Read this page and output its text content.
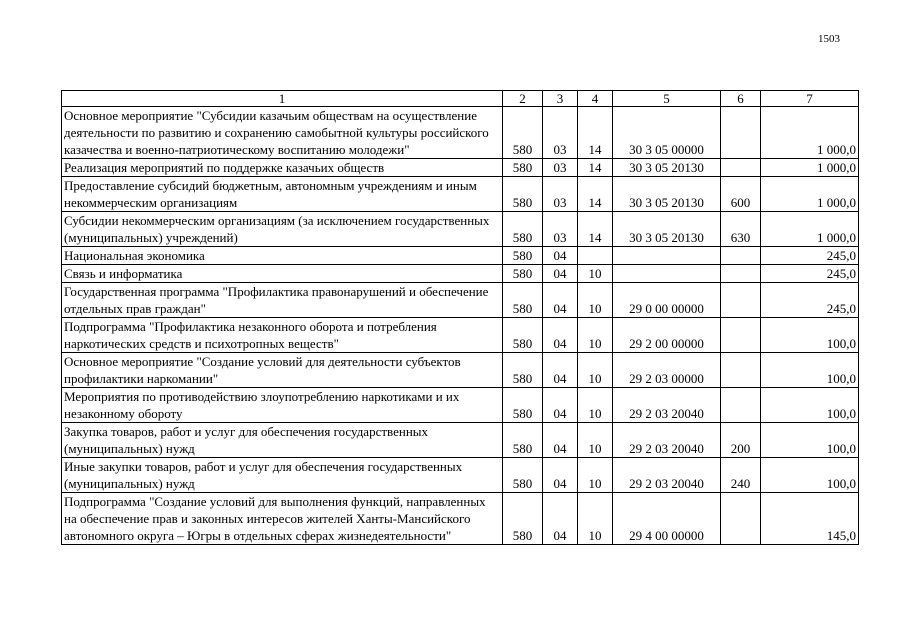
1503
1	2	3	4	5	6	7
Основное мероприятие "Субсидии казачьим обществам на осуществление деятельности по развитию и сохранению самобытной культуры российского казачества и военно-патриотическому воспитанию молодежи"	580	03	14	30 3 05 00000		1 000,0
Реализация мероприятий по поддержке казачьих обществ	580	03	14	30 3 05 20130		1 000,0
Предоставление субсидий бюджетным, автономным учреждениям и иным некоммерческим организациям	580	03	14	30 3 05 20130	600	1 000,0
Субсидии некоммерческим организациям (за исключением государственных (муниципальных) учреждений)	580	03	14	30 3 05 20130	630	1 000,0
Национальная экономика	580	04				245,0
Связь и информатика	580	04	10			245,0
Государственная программа "Профилактика правонарушений и обеспечение отдельных прав граждан"	580	04	10	29 0 00 00000		245,0
Подпрограмма "Профилактика незаконного оборота и потребления наркотических средств и психотропных веществ"	580	04	10	29 2 00 00000		100,0
Основное мероприятие "Создание условий для деятельности субъектов профилактики наркомании"	580	04	10	29 2 03 00000		100,0
Мероприятия по противодействию злоупотреблению наркотиками и их незаконному обороту	580	04	10	29 2 03 20040		100,0
Закупка товаров, работ и услуг для обеспечения государственных (муниципальных) нужд	580	04	10	29 2 03 20040	200	100,0
Иные закупки товаров, работ и услуг для обеспечения государственных (муниципальных) нужд	580	04	10	29 2 03 20040	240	100,0
Подпрограмма "Создание условий для выполнения функций, направленных на обеспечение прав и законных интересов жителей Ханты-Мансийского автономного округа – Югры в отдельных сферах жизнедеятельности"	580	04	10	29 4 00 00000		145,0
